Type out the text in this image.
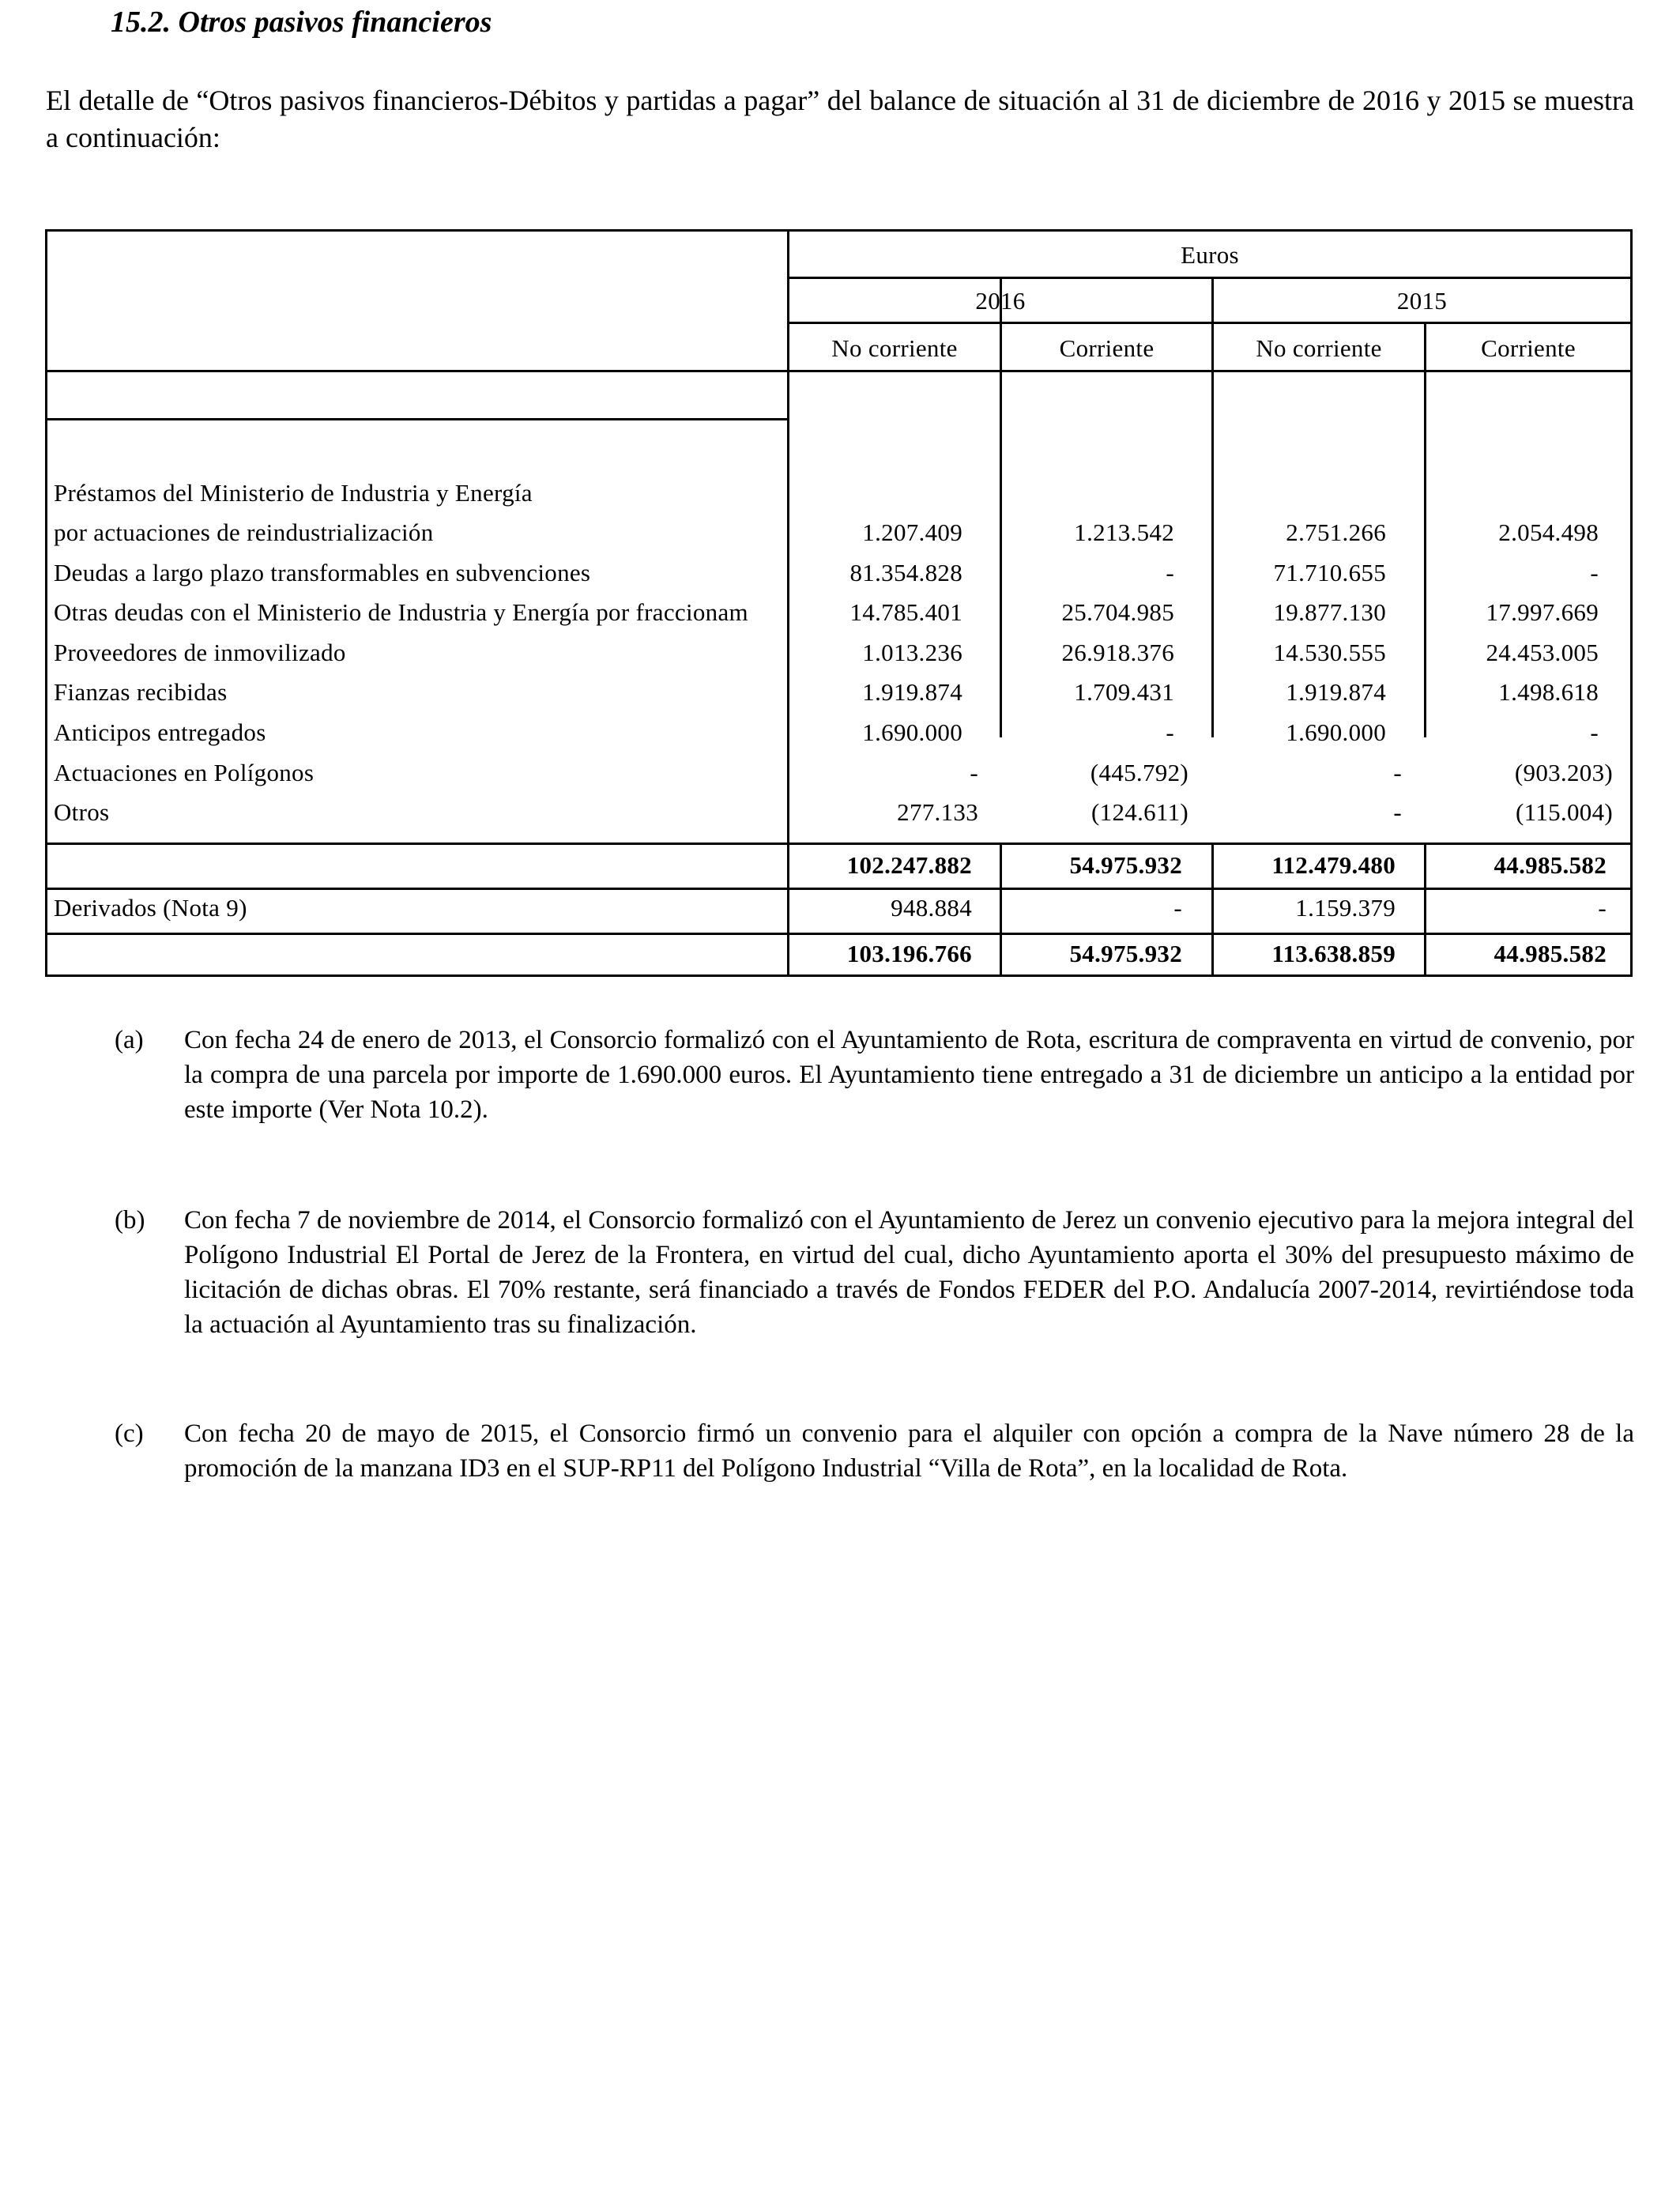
15.2. Otros pasivos financieros
El detalle de “Otros pasivos financieros-Débitos y partidas a pagar” del balance de situación al 31 de diciembre de 2016 y 2015 se muestra a continuación:
Euros
2016	2015
No corriente	Corriente	No corriente	Corriente
Préstamos del Ministerio de Industria y Energía
por actuaciones de reindustrialización	1.207.409	1.213.542	2.751.266	2.054.498
Deudas a largo plazo transformables en subvenciones	81.354.828	-	71.710.655	-
Otras deudas con el Ministerio de Industria y Energía por fraccionam	14.785.401	25.704.985	19.877.130	17.997.669
Proveedores de inmovilizado	1.013.236	26.918.376	14.530.555	24.453.005
Fianzas recibidas	1.919.874	1.709.431	1.919.874	1.498.618
Anticipos entregados	1.690.000	-	1.690.000	-
Actuaciones en Polígonos	-	(445.792)	-	(903.203)
Otros	277.133	(124.611)	-	(115.004)
102.247.882	54.975.932	112.479.480	44.985.582
Derivados (Nota 9)	948.884	-	1.159.379	-
103.196.766	54.975.932	113.638.859	44.985.582
(a)	Con fecha 24 de enero de 2013, el Consorcio formalizó con el Ayuntamiento de Rota, escritura de compraventa en virtud de convenio, por la compra de una parcela por importe de 1.690.000 euros. El Ayuntamiento tiene entregado a 31 de diciembre un anticipo a la entidad por este importe (Ver Nota 10.2).
(b)	Con fecha 7 de noviembre de 2014, el Consorcio formalizó con el Ayuntamiento de Jerez un convenio ejecutivo para la mejora integral del Polígono Industrial El Portal de Jerez de la Frontera, en virtud del cual, dicho Ayuntamiento aporta el 30% del presupuesto máximo de licitación de dichas obras. El 70% restante, será financiado a través de Fondos FEDER del P.O. Andalucía 2007-2014, revirtiéndose toda la actuación al Ayuntamiento tras su finalización.
(c)	Con fecha 20 de mayo de 2015, el Consorcio firmó un convenio para el alquiler con opción a compra de la Nave número 28 de la promoción de la manzana ID3 en el SUP-RP11 del Polígono Industrial “Villa de Rota”, en la localidad de Rota.
